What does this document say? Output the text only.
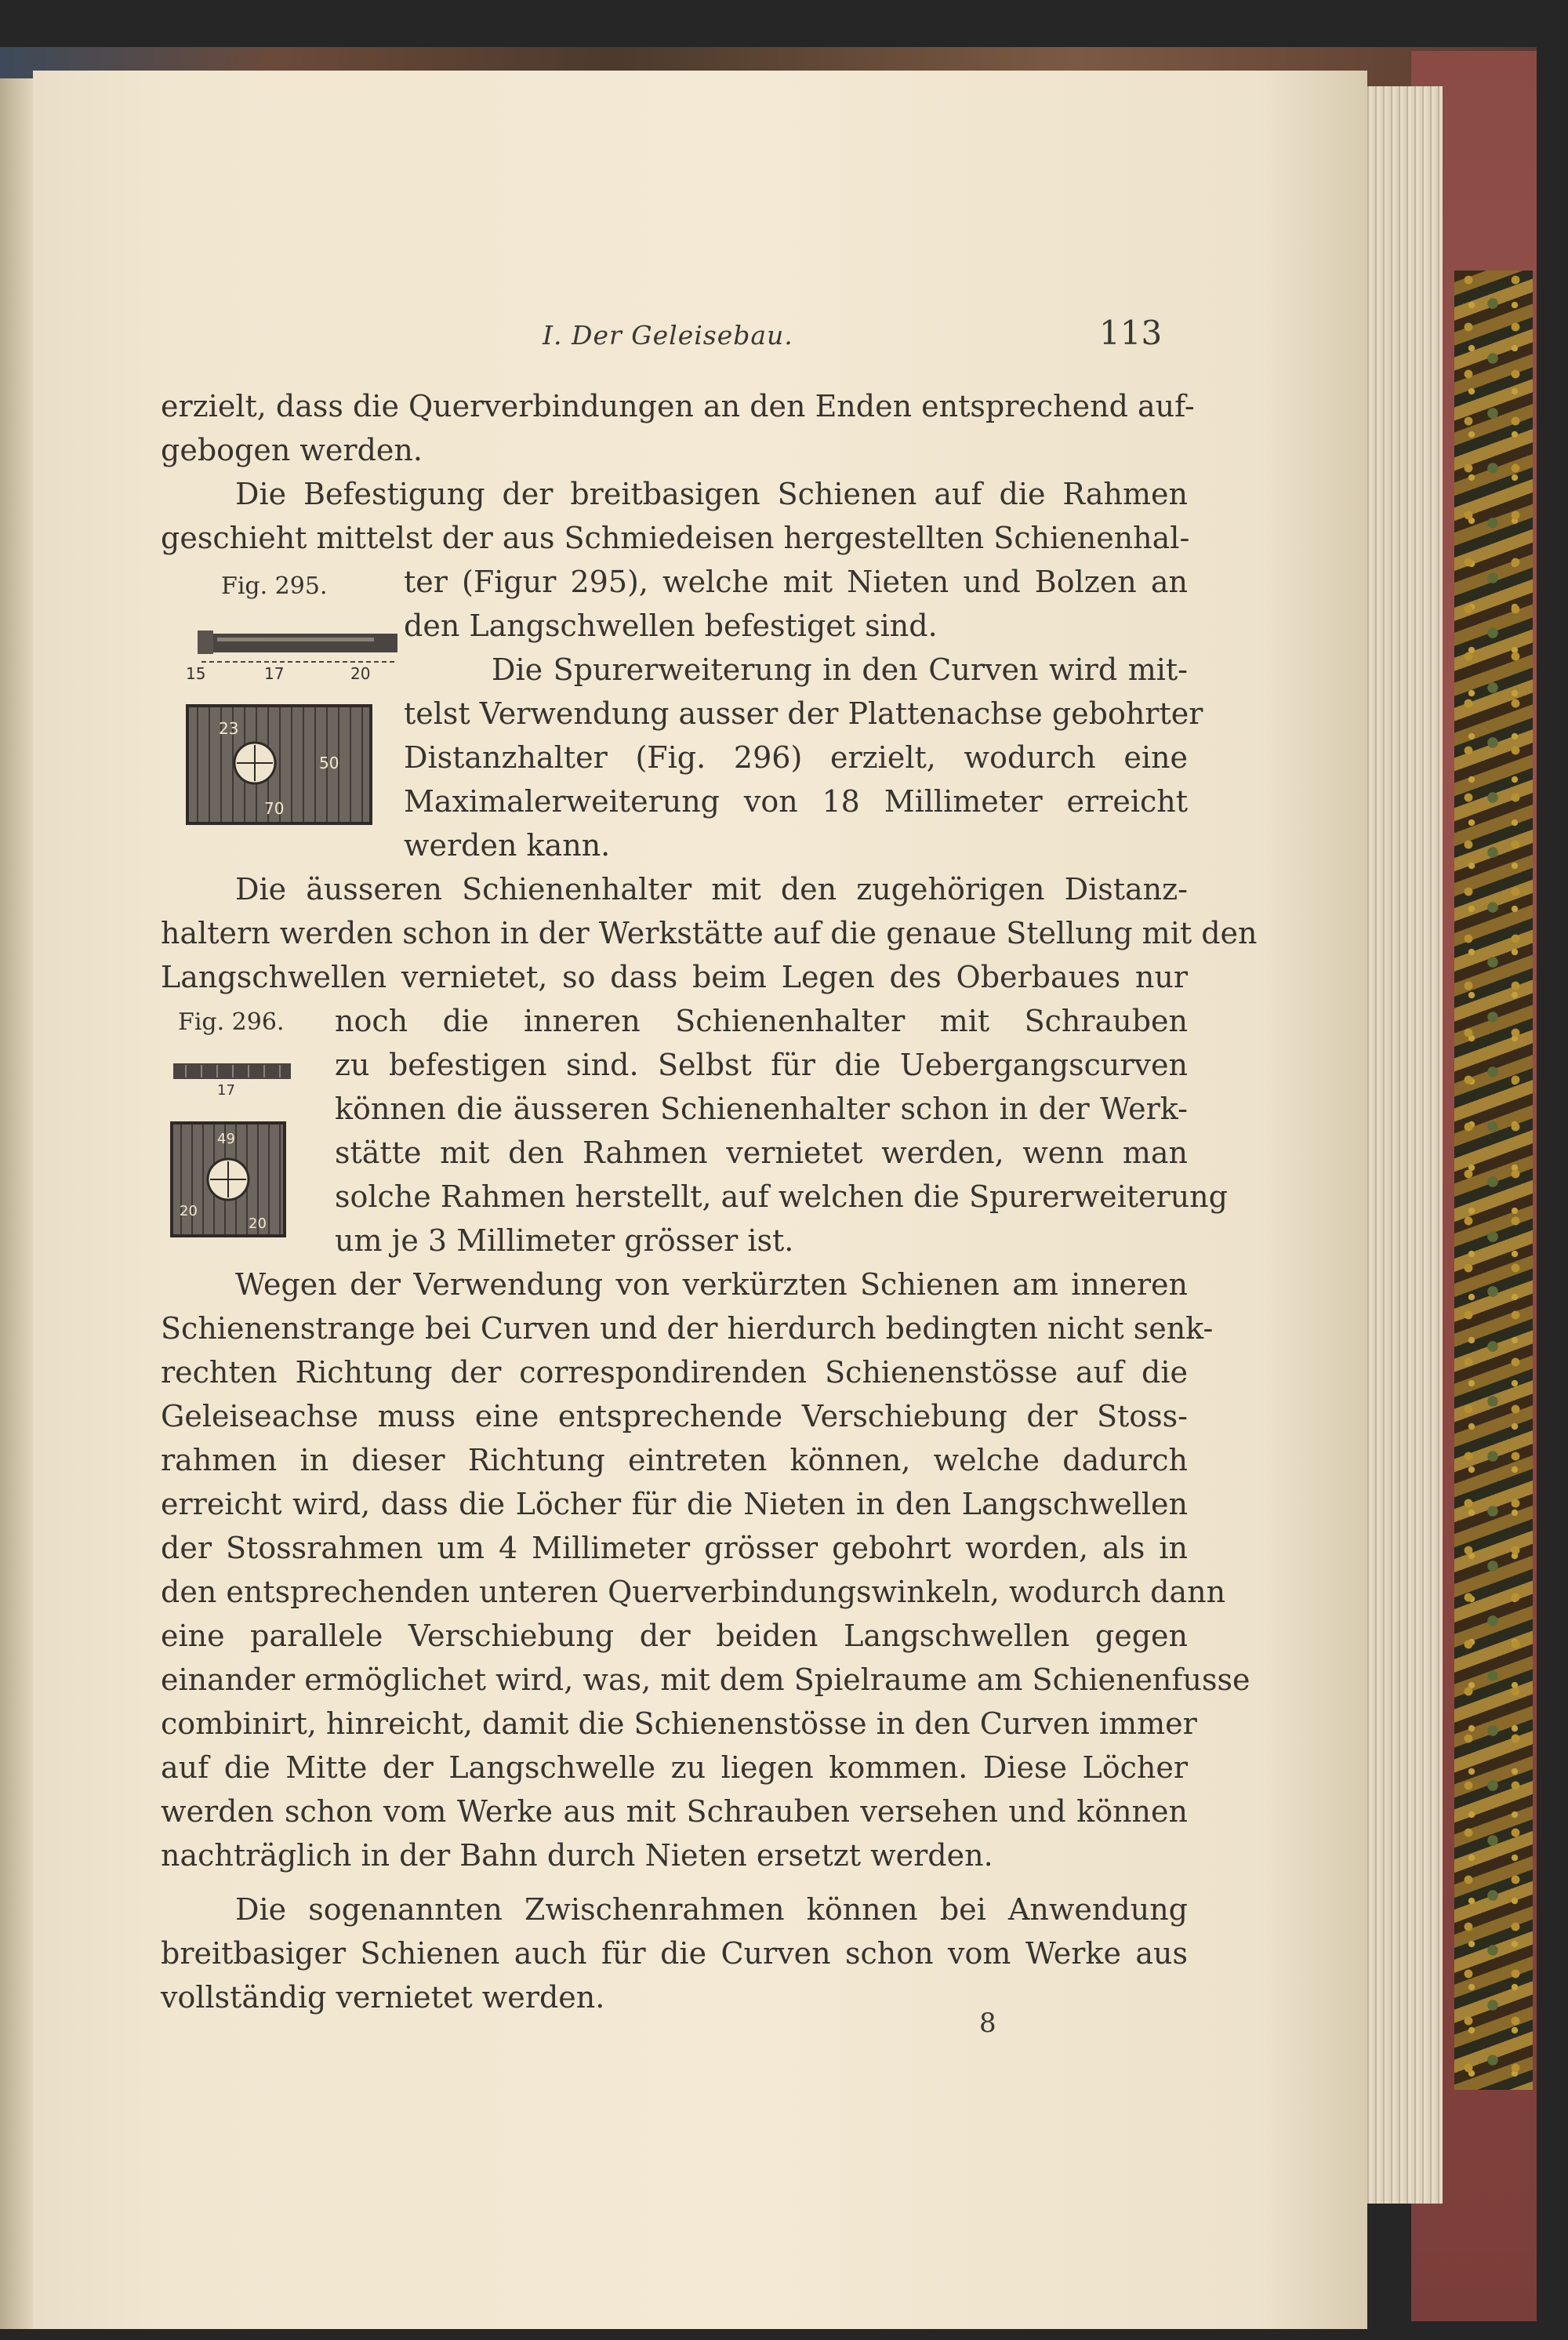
I. Der Geleisebau.	113
erzielt, dass die Querverbindungen an den Enden entsprechend auf-
gebogen werden.
Die Befestigung der breitbasigen Schienen auf die Rahmen
geschieht mittelst der aus Schmiedeisen hergestellten Schienenhal-
ter (Figur 295), welche mit Nieten und Bolzen an
den Langschwellen befestiget sind.
Die Spurerweiterung in den Curven wird mit-
telst Verwendung ausser der Plattenachse gebohrter
Distanzhalter (Fig. 296) erzielt, wodurch eine
Maximalerweiterung von 18 Millimeter erreicht
werden kann.
Die äusseren Schienenhalter mit den zugehörigen Distanz-
haltern werden schon in der Werkstätte auf die genaue Stellung mit den
Langschwellen vernietet, so dass beim Legen des Oberbaues nur
noch die inneren Schienenhalter mit Schrauben
zu befestigen sind. Selbst für die Uebergangscurven
können die äusseren Schienenhalter schon in der Werk-
stätte mit den Rahmen vernietet werden, wenn man
solche Rahmen herstellt, auf welchen die Spurerweiterung
um je 3 Millimeter grösser ist.
Wegen der Verwendung von verkürzten Schienen am inneren
Schienenstrange bei Curven und der hierdurch bedingten nicht senk-
rechten Richtung der correspondirenden Schienenstösse auf die
Geleiseachse muss eine entsprechende Verschiebung der Stoss-
rahmen in dieser Richtung eintreten können, welche dadurch
erreicht wird, dass die Löcher für die Nieten in den Langschwellen
der Stossrahmen um 4 Millimeter grösser gebohrt worden, als in
den entsprechenden unteren Querverbindungswinkeln, wodurch dann
eine parallele Verschiebung der beiden Langschwellen gegen
einander ermöglichet wird, was, mit dem Spielraume am Schienenfusse
combinirt, hinreicht, damit die Schienenstösse in den Curven immer
auf die Mitte der Langschwelle zu liegen kommen. Diese Löcher
werden schon vom Werke aus mit Schrauben versehen und können
nachträglich in der Bahn durch Nieten ersetzt werden.
Die sogenannten Zwischenrahmen können bei Anwendung
breitbasiger Schienen auch für die Curven schon vom Werke aus
vollständig vernietet werden.
8
Fig. 295.
15	17	20
23
50
70
Fig. 296.
17
49
20
20
